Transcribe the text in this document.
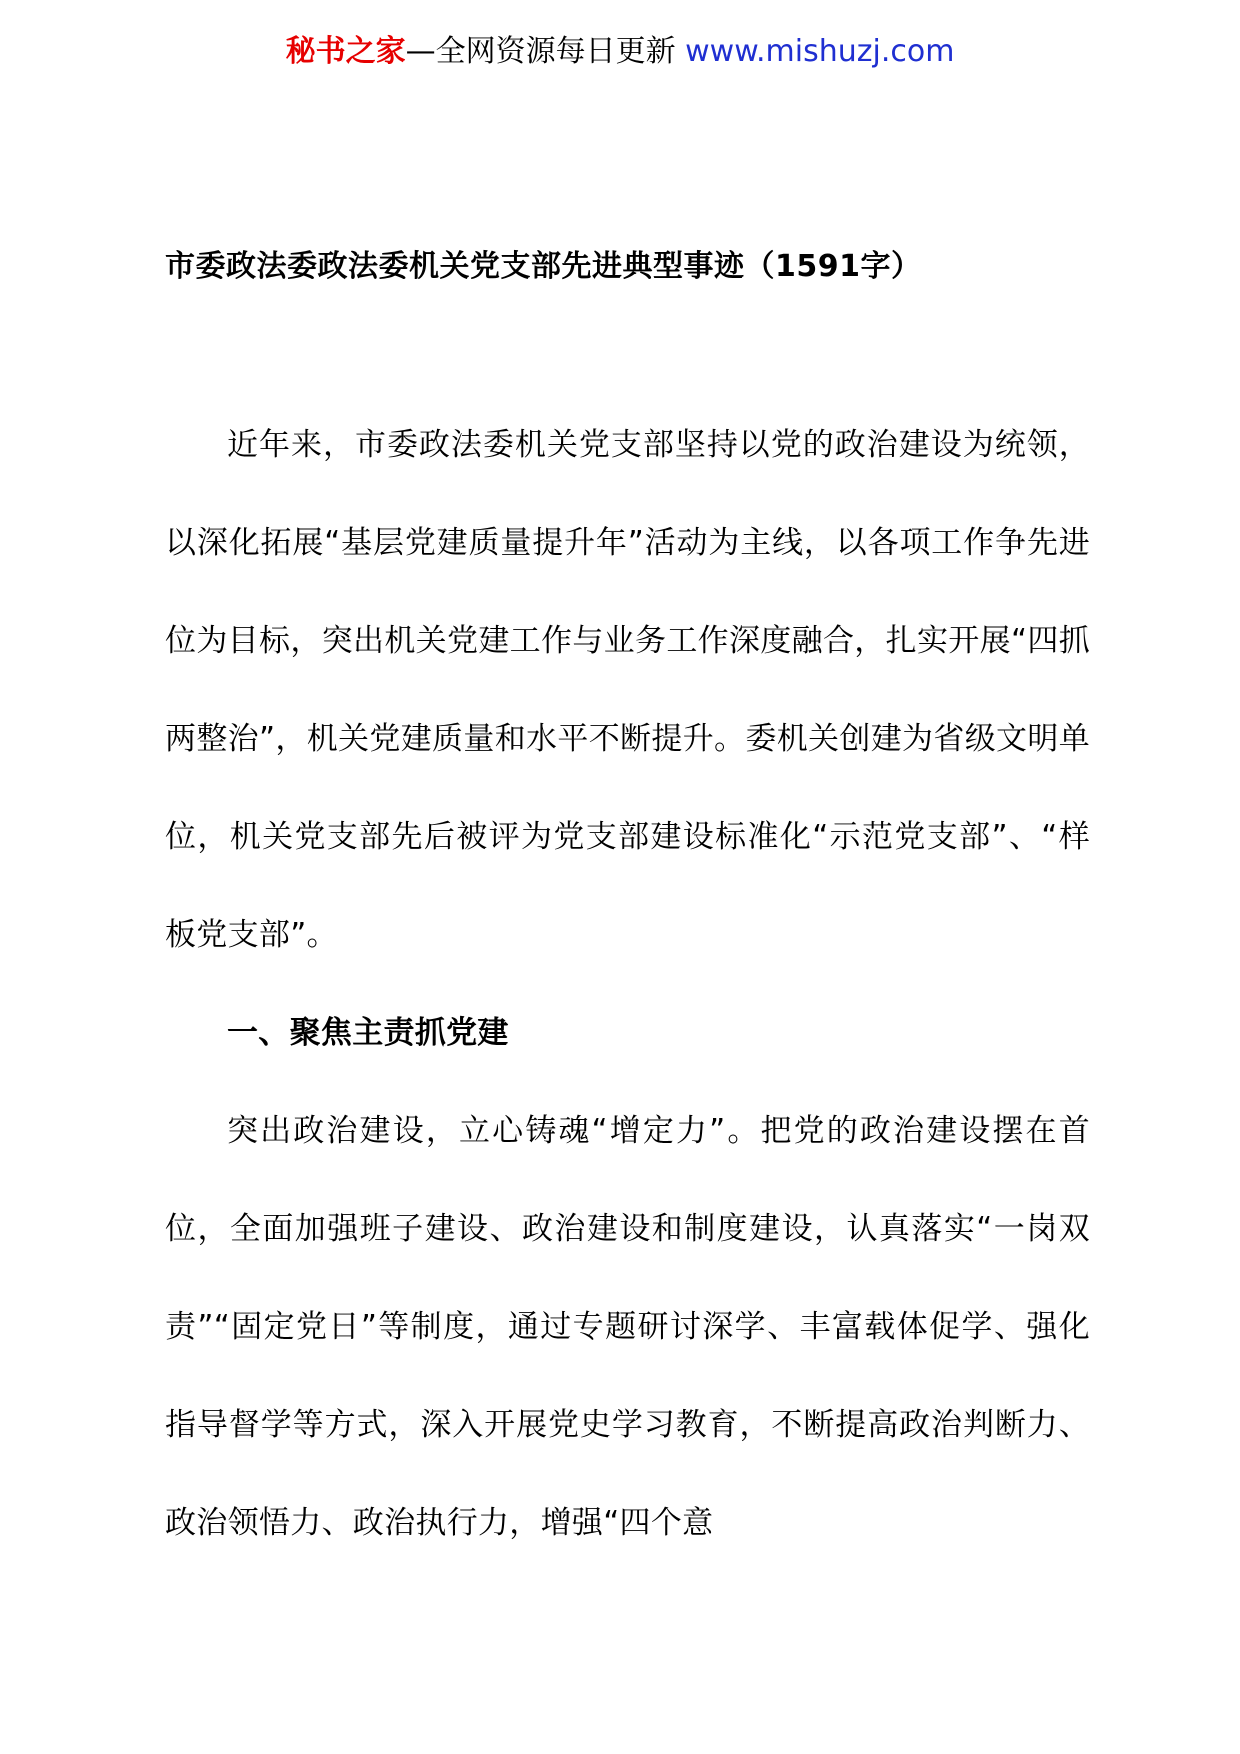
秘书之家—全网资源每日更新 www.mishuzj.com
市委政法委政法委机关党支部先进典型事迹（1591字）

近年来，市委政法委机关党支部坚持以党的政治建设为统领，以深化拓展“基层党建质量提升年”活动为主线，以各项工作争先进位为目标，突出机关党建工作与业务工作深度融合，扎实开展“四抓两整治”，机关党建质量和水平不断提升。委机关创建为省级文明单位，机关党支部先后被评为党支部建设标准化“示范党支部”、“样板党支部”。

一、聚焦主责抓党建

突出政治建设，立心铸魂“增定力”。把党的政治建设摆在首位，全面加强班子建设、政治建设和制度建设，认真落实“一岗双责”“固定党日”等制度，通过专题研讨深学、丰富载体促学、强化指导督学等方式，深入开展党史学习教育，不断提高政治判断力、政治领悟力、政治执行力，增强“四个意
